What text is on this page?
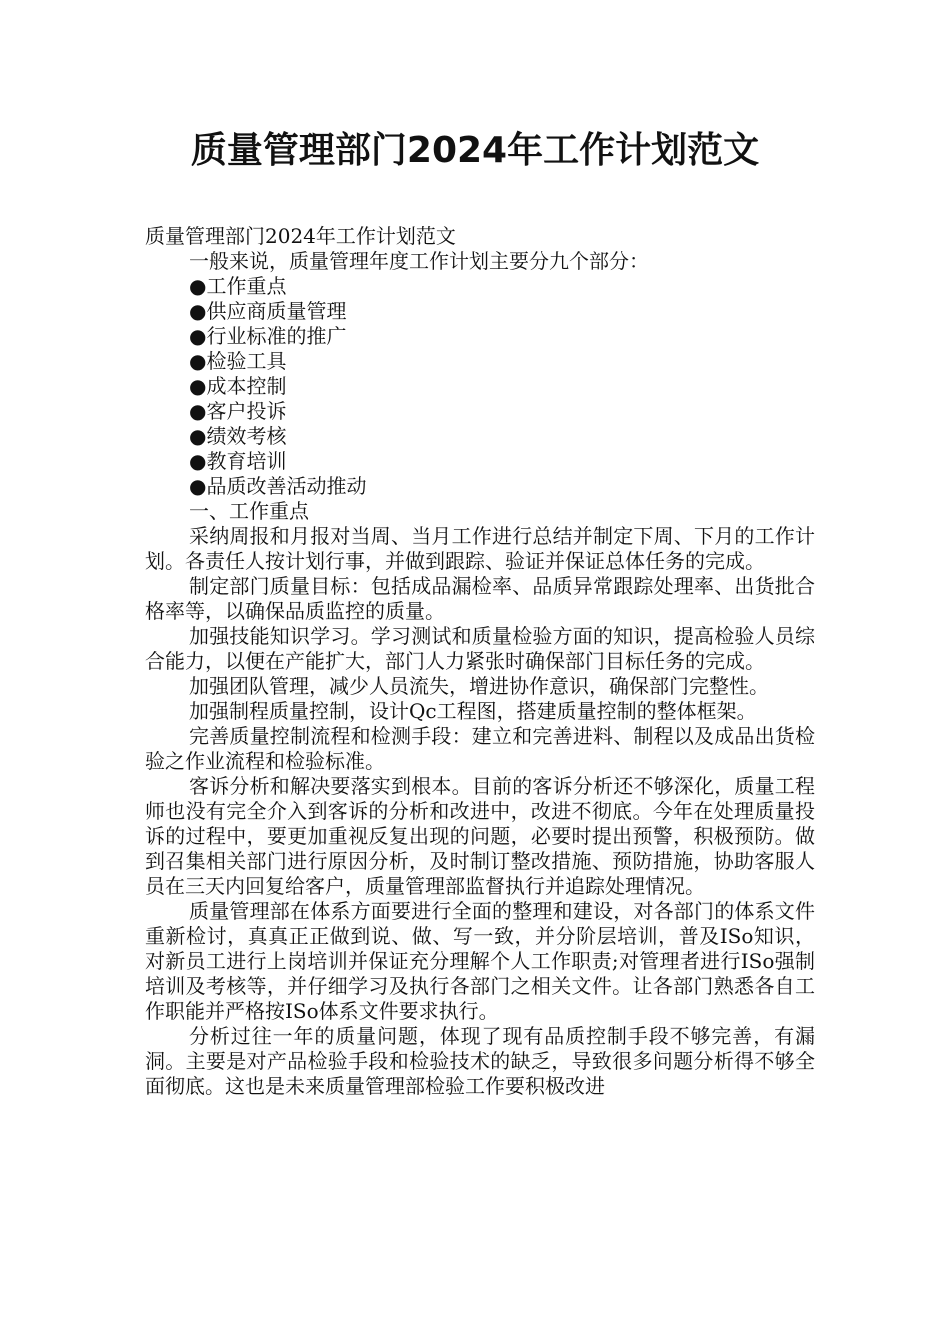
质量管理部门2024年工作计划范文
质量管理部门2024年工作计划范文
一般来说，质量管理年度工作计划主要分九个部分：
●工作重点
●供应商质量管理
●行业标准的推广
●检验工具
●成本控制
●客户投诉
●绩效考核
●教育培训
●品质改善活动推动
一、工作重点

采纳周报和月报对当周、当月工作进行总结并制定下周、下月的工作计划。各责任人按计划行事，并做到跟踪、验证并保证总体任务的完成。

制定部门质量目标：包括成品漏检率、品质异常跟踪处理率、出货批合格率等，以确保品质监控的质量。

加强技能知识学习。学习测试和质量检验方面的知识，提高检验人员综合能力，以便在产能扩大，部门人力紧张时确保部门目标任务的完成。

加强团队管理，减少人员流失，增进协作意识，确保部门完整性。

加强制程质量控制，设计Qc工程图，搭建质量控制的整体框架。

完善质量控制流程和检测手段：建立和完善进料、制程以及成品出货检验之作业流程和检验标准。

客诉分析和解决要落实到根本。目前的客诉分析还不够深化，质量工程师也没有完全介入到客诉的分析和改进中，改进不彻底。今年在处理质量投诉的过程中，要更加重视反复出现的问题，必要时提出预警，积极预防。做到召集相关部门进行原因分析，及时制订整改措施、预防措施，协助客服人员在三天内回复给客户，质量管理部监督执行并追踪处理情况。

质量管理部在体系方面要进行全面的整理和建设，对各部门的体系文件重新检讨，真真正正做到说、做、写一致，并分阶层培训，普及ISo知识，对新员工进行上岗培训并保证充分理解个人工作职责;对管理者进行ISo强制培训及考核等，并仔细学习及执行各部门之相关文件。让各部门熟悉各自工作职能并严格按ISo体系文件要求执行。

分析过往一年的质量问题，体现了现有品质控制手段不够完善，有漏洞。主要是对产品检验手段和检验技术的缺乏，导致很多问题分析得不够全面彻底。这也是未来质量管理部检验工作要积极改进
